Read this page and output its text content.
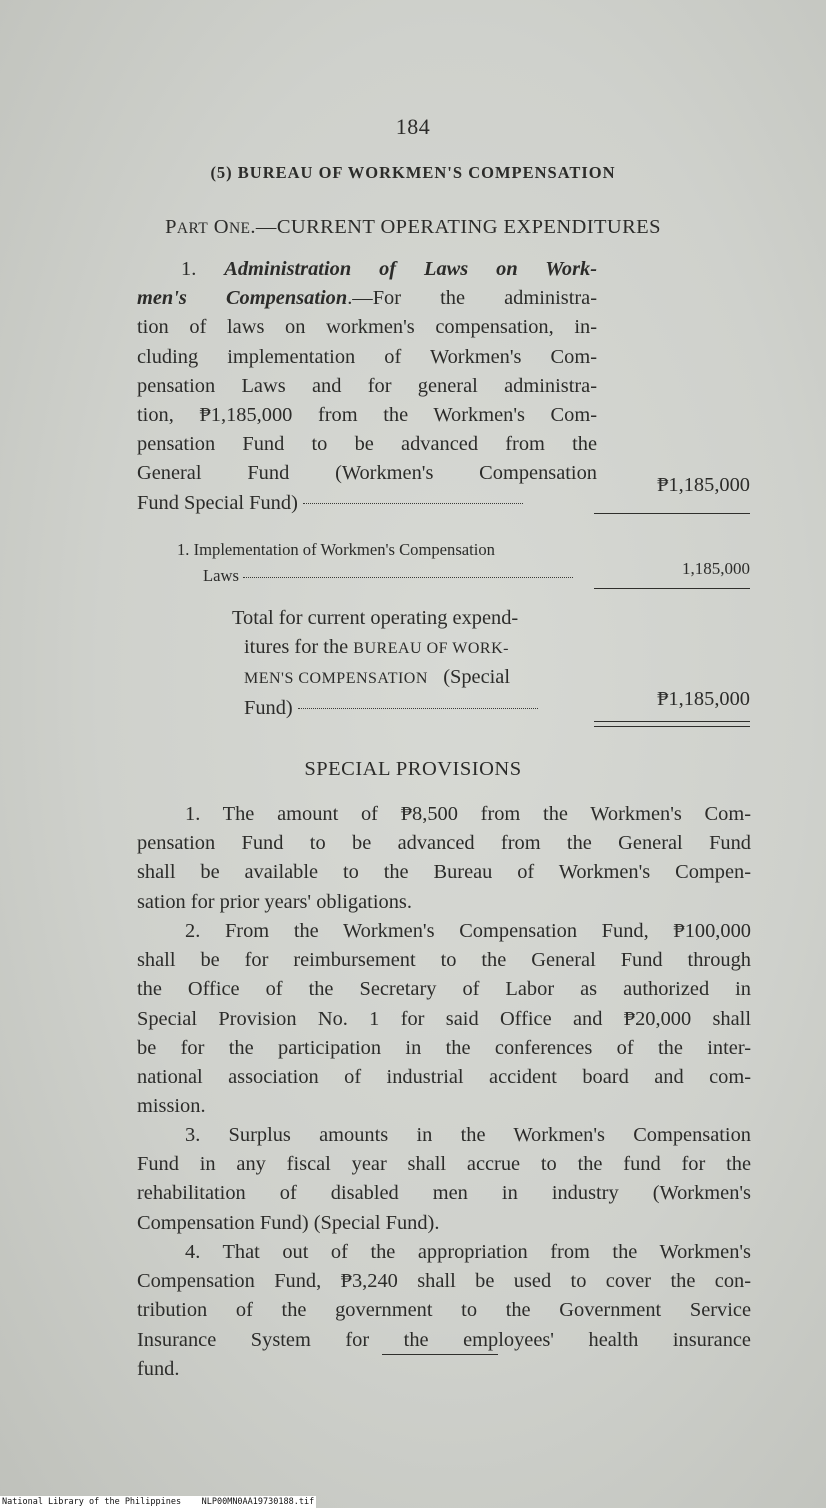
184
(5) BUREAU OF WORKMEN'S COMPENSATION
PART ONE.—CURRENT OPERATING EXPENDITURES
1. Administration of Laws on Work-
men's Compensation.—For the administra-
tion of laws on workmen's compensation, in-
cluding implementation of Workmen's Com-
pensation Laws and for general administra-
tion, ₱1,185,000 from the Workmen's Com-
pensation Fund to be advanced from the
General Fund (Workmen's Compensation
Fund Special Fund)
₱1,185,000
1. Implementation of Workmen's Compensation
Laws	1,185,000
Total for current operating expend-
itures for the BUREAU OF WORK-
MEN'S COMPENSATION (Special
Fund)	₱1,185,000
SPECIAL PROVISIONS
1. The amount of ₱8,500 from the Workmen's Com-
pensation Fund to be advanced from the General Fund
shall be available to the Bureau of Workmen's Compen-
sation for prior years' obligations.
2. From the Workmen's Compensation Fund, ₱100,000
shall be for reimbursement to the General Fund through
the Office of the Secretary of Labor as authorized in
Special Provision No. 1 for said Office and ₱20,000 shall
be for the participation in the conferences of the inter-
national association of industrial accident board and com-
mission.
3. Surplus amounts in the Workmen's Compensation
Fund in any fiscal year shall accrue to the fund for the
rehabilitation of disabled men in industry (Workmen's
Compensation Fund) (Special Fund).
4. That out of the appropriation from the Workmen's
Compensation Fund, ₱3,240 shall be used to cover the con-
tribution of the government to the Government Service
Insurance System for the employees' health insurance
fund.
National Library of the Philippines NLP00MN0AA19730188.tif
